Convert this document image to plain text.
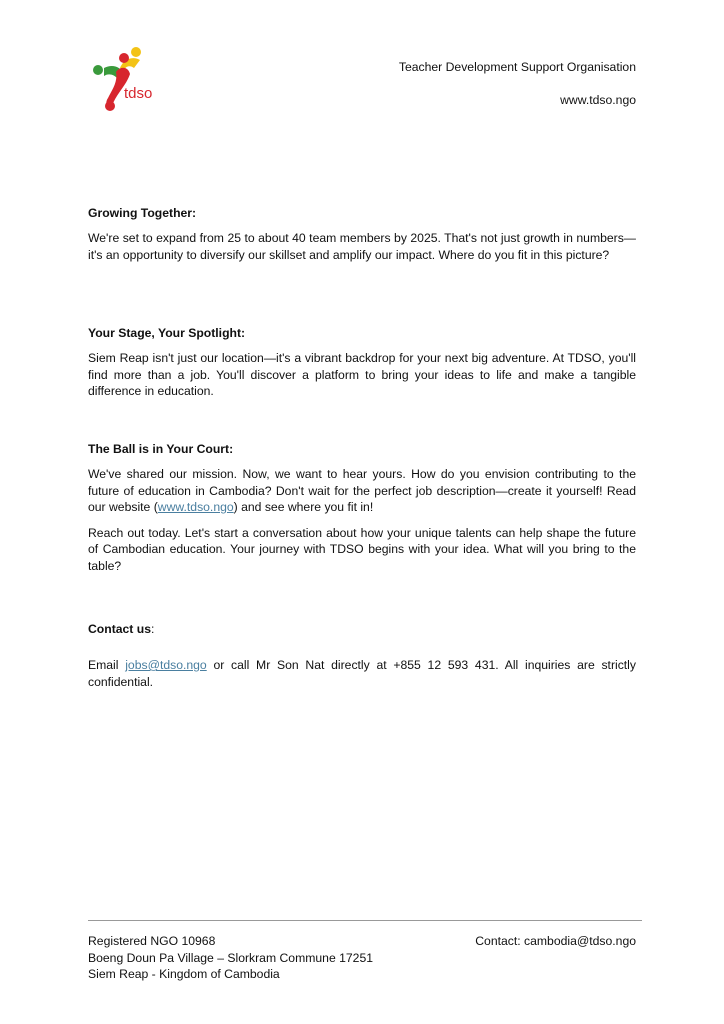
tdso
Teacher Development Support Organisation
www.tdso.ngo
Growing Together:

We're set to expand from 25 to about 40 team members by 2025. That's not just growth in numbers—it's an opportunity to diversify our skillset and amplify our impact. Where do you fit in this picture?

Your Stage, Your Spotlight:

Siem Reap isn't just our location—it's a vibrant backdrop for your next big adventure. At TDSO, you'll find more than a job. You'll discover a platform to bring your ideas to life and make a tangible difference in education.

The Ball is in Your Court:

We've shared our mission. Now, we want to hear yours. How do you envision contributing to the future of education in Cambodia? Don't wait for the perfect job description—create it yourself! Read our website (www.tdso.ngo) and see where you fit in!

Reach out today. Let's start a conversation about how your unique talents can help shape the future of Cambodian education. Your journey with TDSO begins with your idea. What will you bring to the table?

Contact us:

Email jobs@tdso.ngo or call Mr Son Nat directly at +855 12 593 431. All inquiries are strictly confidential.

Registered NGO 10968
Boeng Doun Pa Village – Slorkram Commune 17251
Siem Reap - Kingdom of Cambodia
Contact: cambodia@tdso.ngo
